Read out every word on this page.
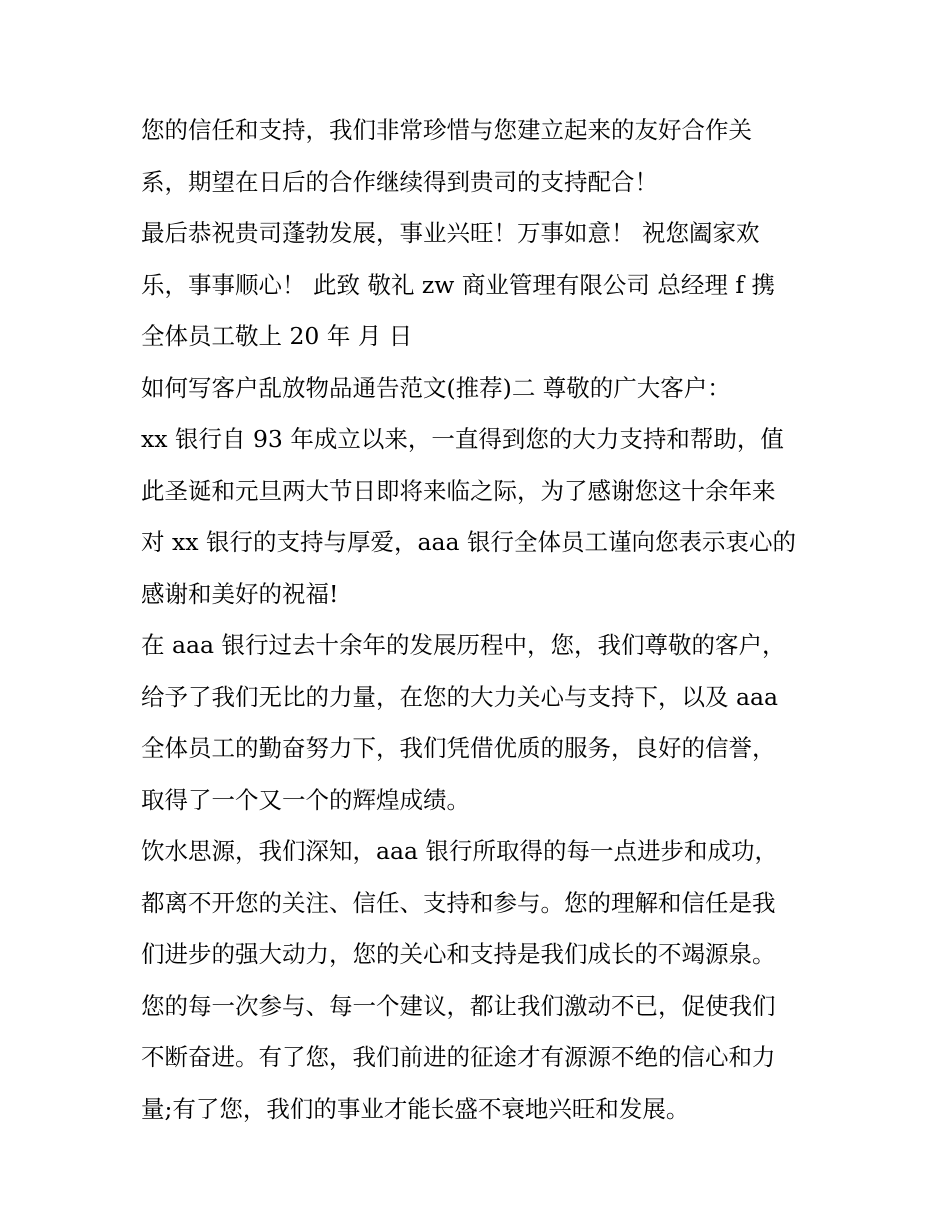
您的信任和支持，我们非常珍惜与您建立起来的友好合作关
系，期望在日后的合作继续得到贵司的支持配合！
最后恭祝贵司蓬勃发展，事业兴旺！万事如意！ 祝您阖家欢
乐，事事顺心！ 此致 敬礼 zw 商业管理有限公司 总经理 f 携
全体员工敬上 20 年 月 日
如何写客户乱放物品通告范文(推荐)二 尊敬的广大客户：
xx 银行自 93 年成立以来，一直得到您的大力支持和帮助，值
此圣诞和元旦两大节日即将来临之际，为了感谢您这十余年来
对 xx 银行的支持与厚爱，aaa 银行全体员工谨向您表示衷心的
感谢和美好的祝福!
在 aaa 银行过去十余年的发展历程中，您，我们尊敬的客户，
给予了我们无比的力量，在您的大力关心与支持下，以及 aaa
全体员工的勤奋努力下，我们凭借优质的服务，良好的信誉，
取得了一个又一个的辉煌成绩。
饮水思源，我们深知，aaa 银行所取得的每一点进步和成功，
都离不开您的关注、信任、支持和参与。您的理解和信任是我
们进步的强大动力，您的关心和支持是我们成长的不竭源泉。
您的每一次参与、每一个建议，都让我们激动不已，促使我们
不断奋进。有了您，我们前进的征途才有源源不绝的信心和力
量;有了您，我们的事业才能长盛不衰地兴旺和发展。
